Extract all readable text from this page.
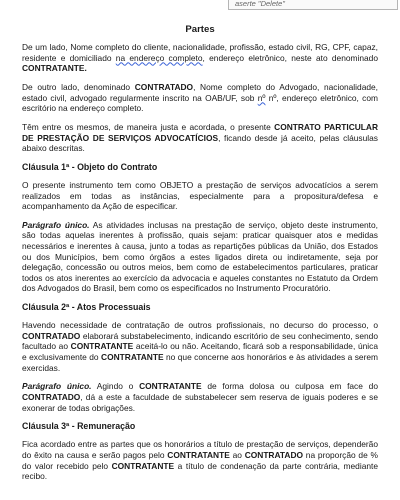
aserte "Delete"
Partes

De um lado, Nome completo do cliente, nacionalidade, profissão, estado civil, RG, CPF, capaz, residente e domiciliado na endereço completo, endereço eletrônico, neste ato denominado CONTRATANTE.

De outro lado, denominado CONTRATADO, Nome completo do Advogado, nacionalidade, estado civil, advogado regularmente inscrito na OAB/UF, sob nº nº, endereço eletrônico, com escritório na endereço completo.

Têm entre os mesmos, de maneira justa e acordada, o presente CONTRATO PARTICULAR DE PRESTAÇÃO DE SERVIÇOS ADVOCATÍCIOS, ficando desde já aceito, pelas cláusulas abaixo descritas.

Cláusula 1ª - Objeto do Contrato

O presente instrumento tem como OBJETO a prestação de serviços advocatícios a serem realizados em todas as instâncias, especialmente para a propositura/defesa e acompanhamento da Ação de especificar.

Parágrafo único. As atividades inclusas na prestação de serviço, objeto deste instrumento, são todas aquelas inerentes à profissão, quais sejam: praticar quaisquer atos e medidas necessários e inerentes à causa, junto a todas as repartições públicas da União, dos Estados ou dos Municípios, bem como órgãos a estes ligados direta ou indiretamente, seja por delegação, concessão ou outros meios, bem como de estabelecimentos particulares, praticar todos os atos inerentes ao exercício da advocacia e aqueles constantes no Estatuto da Ordem dos Advogados do Brasil, bem como os especificados no Instrumento Procuratório.

Cláusula 2ª - Atos Processuais

Havendo necessidade de contratação de outros profissionais, no decurso do processo, o CONTRATADO elaborará substabelecimento, indicando escritório de seu conhecimento, sendo facultado ao CONTRATANTE aceitá-lo ou não. Aceitando, ficará sob a responsabilidade, única e exclusivamente do CONTRATANTE no que concerne aos honorários e às atividades a serem exercidas.

Parágrafo único. Agindo o CONTRATANTE de forma dolosa ou culposa em face do CONTRATADO, dá a este a faculdade de substabelecer sem reserva de iguais poderes e se exonerar de todas obrigações.

Cláusula 3ª - Remuneração

Fica acordado entre as partes que os honorários a título de prestação de serviços, dependerão do êxito na causa e serão pagos pelo CONTRATANTE ao CONTRATADO na proporção de % do valor recebido pelo CONTRATANTE a título de condenação da parte contrária, mediante recibo.
